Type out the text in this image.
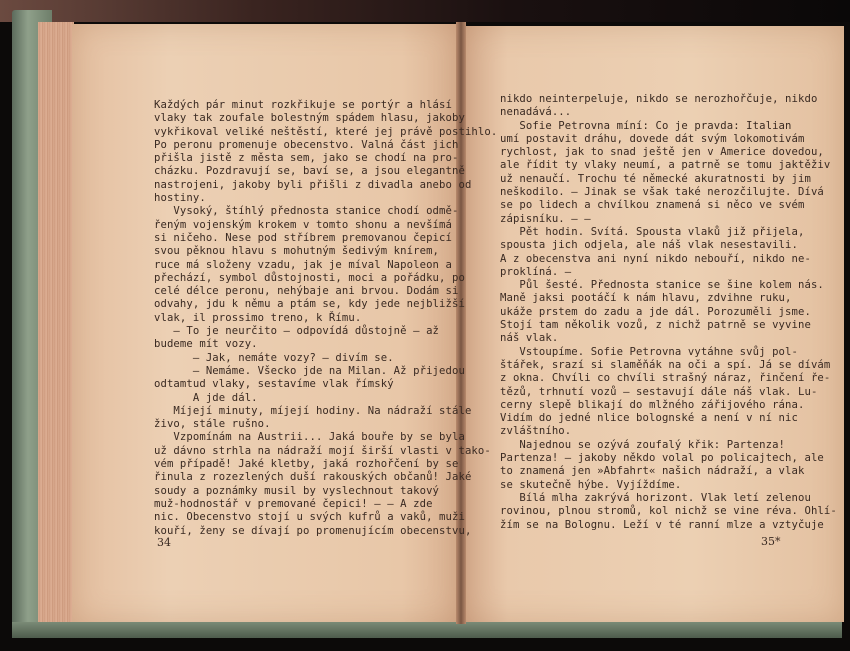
Každých pár minut rozkřikuje se portýr a hlásí
vlaky tak zoufale bolestným spádem hlasu, jakoby
vykřikoval veliké neštěstí, které jej právě postihlo.
Po peronu promenuje obecenstvo. Valná část jich
přišla jistě z města sem, jako se chodí na pro-
cházku. Pozdravují se, baví se, a jsou elegantně
nastrojeni, jakoby byli přišli z divadla anebo od
hostiny.
Vysoký, štíhlý přednosta stanice chodí odmě-
řeným vojenským krokem v tomto shonu a nevšímá
si ničeho. Nese pod stříbrem premovanou čepicí
svou pěknou hlavu s mohutným šedivým knírem,
ruce má složeny vzadu, jak je míval Napoleon a
přechází, symbol důstojnosti, moci a pořádku, po
celé délce peronu, nehýbaje ani brvou. Dodám si
odvahy, jdu k němu a ptám se, kdy jede nejbližší
vlak, il prossimo treno, k Římu.
— To je neurčito — odpovídá důstojně — až
budeme mít vozy.
— Jak, nemáte vozy? — divím se.
— Nemáme. Všecko jde na Milan. Až přijedou
odtamtud vlaky, sestavíme vlak římský
A jde dál.
Míjejí minuty, míjejí hodiny. Na nádraží stále
živo, stále rušno.
Vzpomínám na Austrii... Jaká bouře by se byla
už dávno strhla na nádraží mojí širší vlasti v tako-
vém případě! Jaké kletby, jaká rozhořčení by se
řinula z rozezlených duší rakouských občanů! Jaké
soudy a poznámky musil by vyslechnout takový
muž-hodnostář v premované čepici! — — A zde
nic. Obecenstvo stojí u svých kufrů a vaků, muži
kouří, ženy se dívají po promenujícím obecenstvu,
34
nikdo neinterpeluje, nikdo se nerozhořčuje, nikdo
nenadává...
Sofie Petrovna míní: Co je pravda: Italian
umí postavit dráhu, dovede dát svým lokomotivám
rychlost, jak to snad ještě jen v Americe dovedou,
ale řídit ty vlaky neumí, a patrně se tomu jaktěživ
už nenaučí. Trochu té německé akuratnosti by jim
neškodilo. — Jinak se však také nerozčilujte. Dívá
se po lidech a chvílkou znamená si něco ve svém
zápisníku. — —
Pět hodin. Svítá. Spousta vlaků již přijela,
spousta jich odjela, ale náš vlak nesestavili.
A z obecenstva ani nyní nikdo nebouří, nikdo ne-
proklíná. —
Půl šesté. Přednosta stanice se šine kolem nás.
Maně jaksi pootáčí k nám hlavu, zdvihne ruku,
ukáže prstem do zadu a jde dál. Porozuměli jsme.
Stojí tam několik vozů, z nichž patrně se vyvine
náš vlak.
Vstoupíme. Sofie Petrovna vytáhne svůj pol-
štářek, srazí si slaměňák na oči a spí. Já se dívám
z okna. Chvíli co chvíli strašný náraz, řinčení ře-
tězů, trhnutí vozů — sestavují dále náš vlak. Lu-
cerny slepě blikají do mlžného zářijového rána.
Vidím do jedné nlice bolognské a není v ní nic
zvláštního.
Najednou se ozývá zoufalý křik: Partenza!
Partenza! — jakoby někdo volal po policajtech, ale
to znamená jen »Abfahrt« našich nádraží, a vlak
se skutečně hýbe. Vyjíždíme.
Bílá mlha zakrývá horizont. Vlak letí zelenou
rovinou, plnou stromů, kol nichž se vine réva. Ohlí-
žím se na Bolognu. Leží v té ranní mlze a vztyčuje
35*
